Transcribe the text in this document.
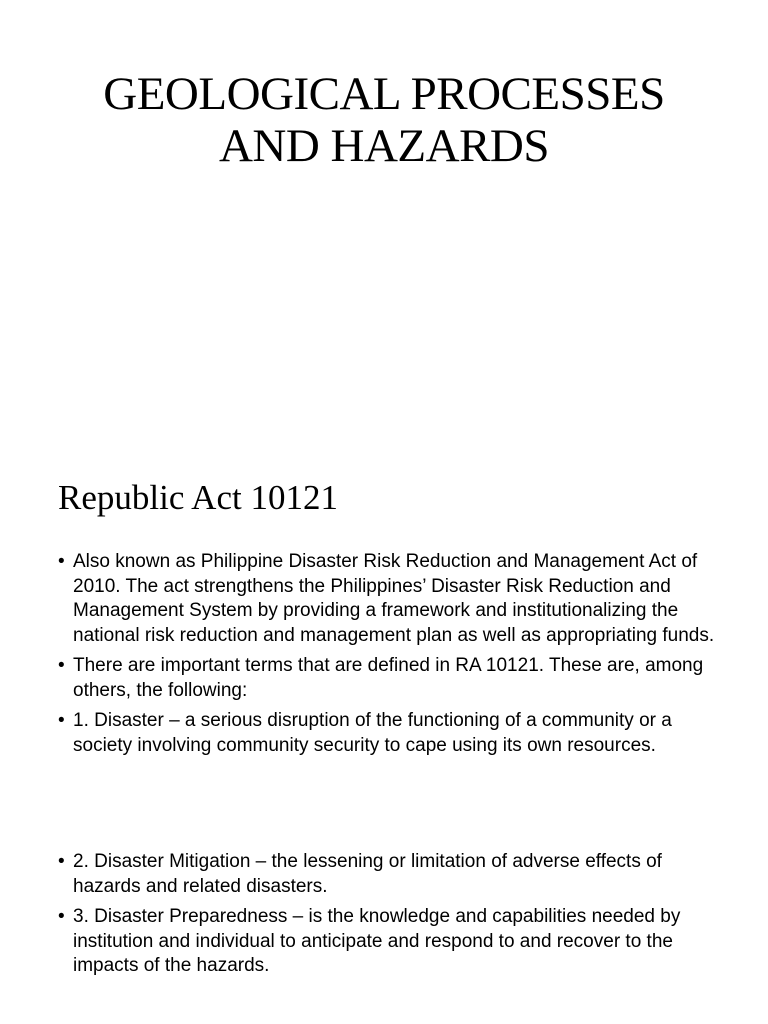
GEOLOGICAL PROCESSES AND HAZARDS
Republic Act 10121
• Also known as Philippine Disaster Risk Reduction and Management Act of 2010. The act strengthens the Philippines’ Disaster Risk Reduction and Management System by providing a framework and institutionalizing the national risk reduction and management plan as well as appropriating funds.
• There are important terms that are defined in RA 10121. These are, among others, the following:
• 1. Disaster – a serious disruption of the functioning of a community or a society involving community security to cape using its own resources.
• 2. Disaster Mitigation – the lessening or limitation of adverse effects of hazards and related disasters.
• 3. Disaster Preparedness – is the knowledge and capabilities needed by institution and individual to anticipate and respond to and recover to the impacts of the hazards.
